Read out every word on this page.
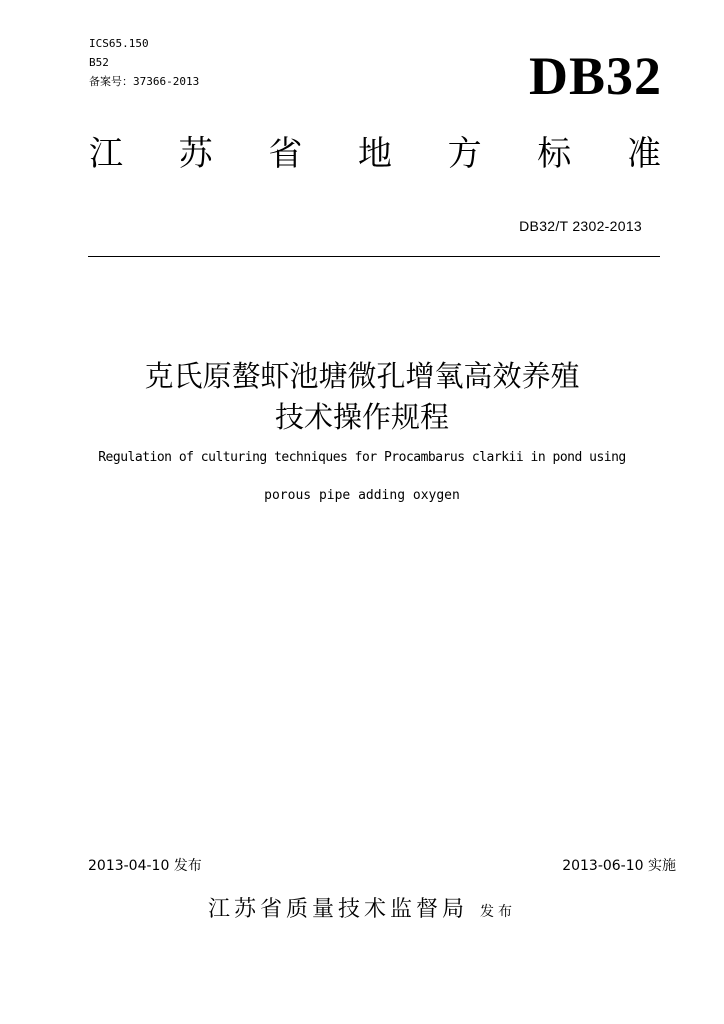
ICS65.150
B52
备案号：37366-2013	DB32
江 苏 省 地 方 标 准
DB32/T 2302-2013
克氏原螯虾池塘微孔增氧高效养殖
技术操作规程
Regulation of culturing techniques for Procambarus clarkii in pond using
porous pipe adding oxygen
2013-04-10 发布	2013-06-10 实施
江苏省质量技术监督局 发布
